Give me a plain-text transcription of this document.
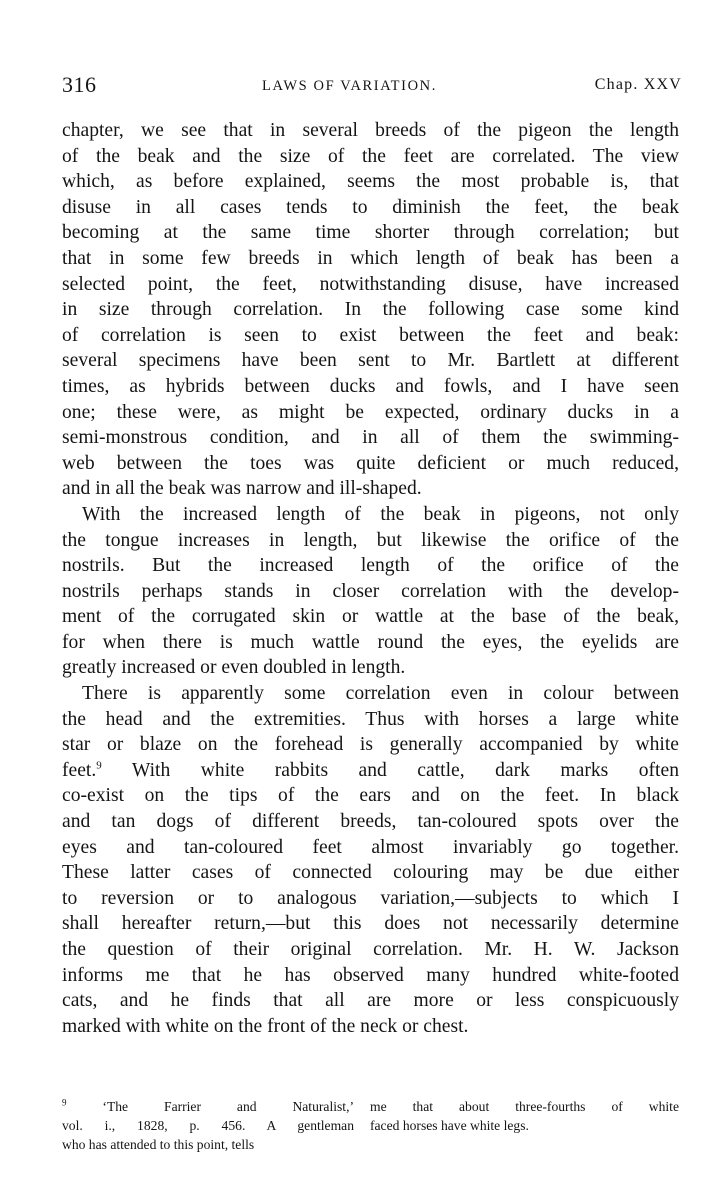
316	LAWS OF VARIATION.	Chap. XXV
chapter, we see that in several breeds of the pigeon the length
of the beak and the size of the feet are correlated. The view
which, as before explained, seems the most probable is, that
disuse in all cases tends to diminish the feet, the beak
becoming at the same time shorter through correlation; but
that in some few breeds in which length of beak has been a
selected point, the feet, notwithstanding disuse, have increased
in size through correlation. In the following case some kind
of correlation is seen to exist between the feet and beak:
several specimens have been sent to Mr. Bartlett at different
times, as hybrids between ducks and fowls, and I have seen
one; these were, as might be expected, ordinary ducks in a
semi-monstrous condition, and in all of them the swimming-
web between the toes was quite deficient or much reduced,
and in all the beak was narrow and ill-shaped.
With the increased length of the beak in pigeons, not only
the tongue increases in length, but likewise the orifice of the
nostrils. But the increased length of the orifice of the
nostrils perhaps stands in closer correlation with the develop-
ment of the corrugated skin or wattle at the base of the beak,
for when there is much wattle round the eyes, the eyelids are
greatly increased or even doubled in length.
There is apparently some correlation even in colour between
the head and the extremities. Thus with horses a large white
star or blaze on the forehead is generally accompanied by white
feet.$^9$ With white rabbits and cattle, dark marks often
co-exist on the tips of the ears and on the feet. In black
and tan dogs of different breeds, tan-coloured spots over the
eyes and tan-coloured feet almost invariably go together.
These latter cases of connected colouring may be due either
to reversion or to analogous variation,—subjects to which I
shall hereafter return,—but this does not necessarily determine
the question of their original correlation. Mr. H. W. Jackson
informs me that he has observed many hundred white-footed
cats, and he finds that all are more or less conspicuously
marked with white on the front of the neck or chest.
$^9$ ‘The Farrier and Naturalist,’
vol. i., 1828, p. 456. A gentleman
who has attended to this point, tells
me that about three-fourths of white
faced horses have white legs.
